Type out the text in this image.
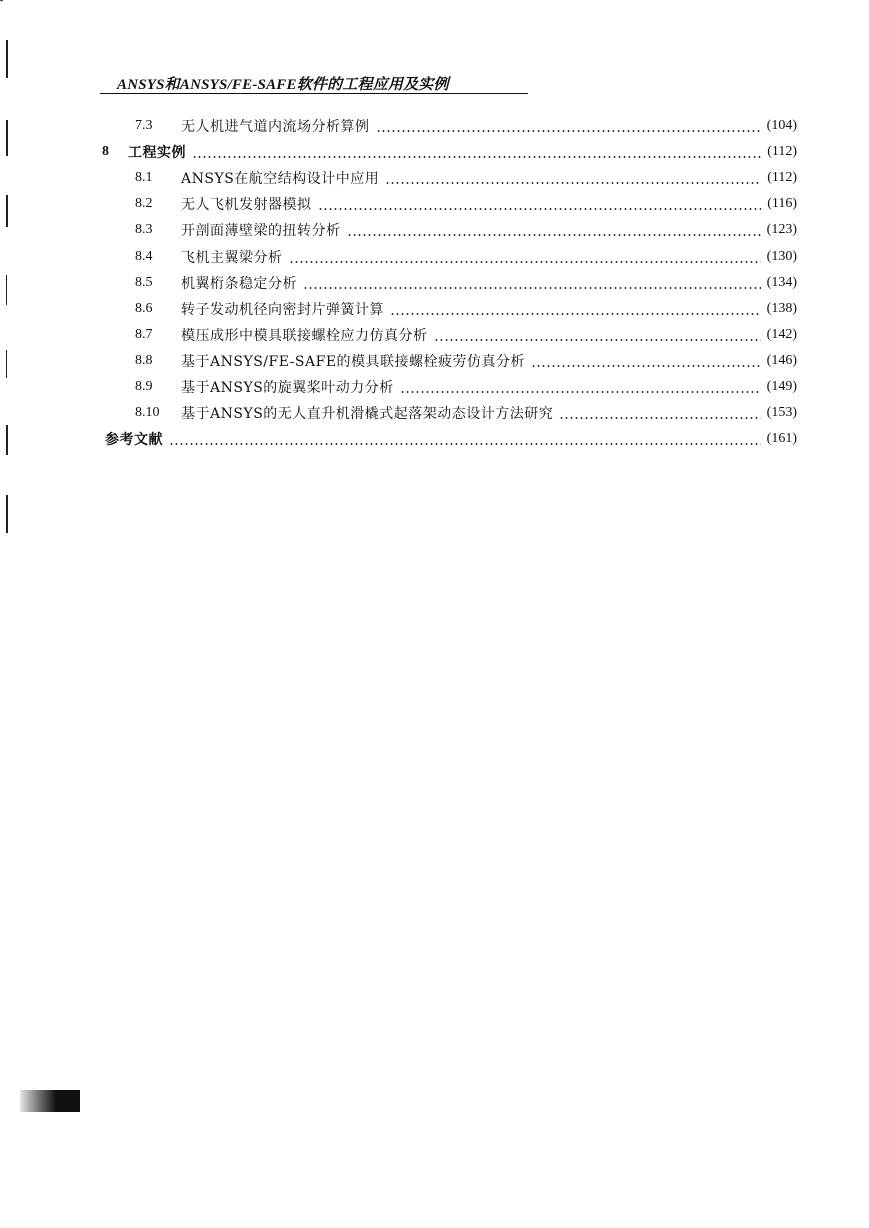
ANSYS和ANSYS/FE-SAFE软件的工程应用及实例
7.3	无人机进气道内流场分析算例	(104)
8	工程实例	(112)
8.1	ANSYS在航空结构设计中应用	(112)
8.2	无人飞机发射器模拟	(116)
8.3	开剖面薄壁梁的扭转分析	(123)
8.4	飞机主翼梁分析	(130)
8.5	机翼桁条稳定分析	(134)
8.6	转子发动机径向密封片弹簧计算	(138)
8.7	模压成形中模具联接螺栓应力仿真分析	(142)
8.8	基于ANSYS/FE-SAFE的模具联接螺栓疲劳仿真分析	(146)
8.9	基于ANSYS的旋翼桨叶动力分析	(149)
8.10	基于ANSYS的无人直升机滑橇式起落架动态设计方法研究	(153)
参考文献	(161)
